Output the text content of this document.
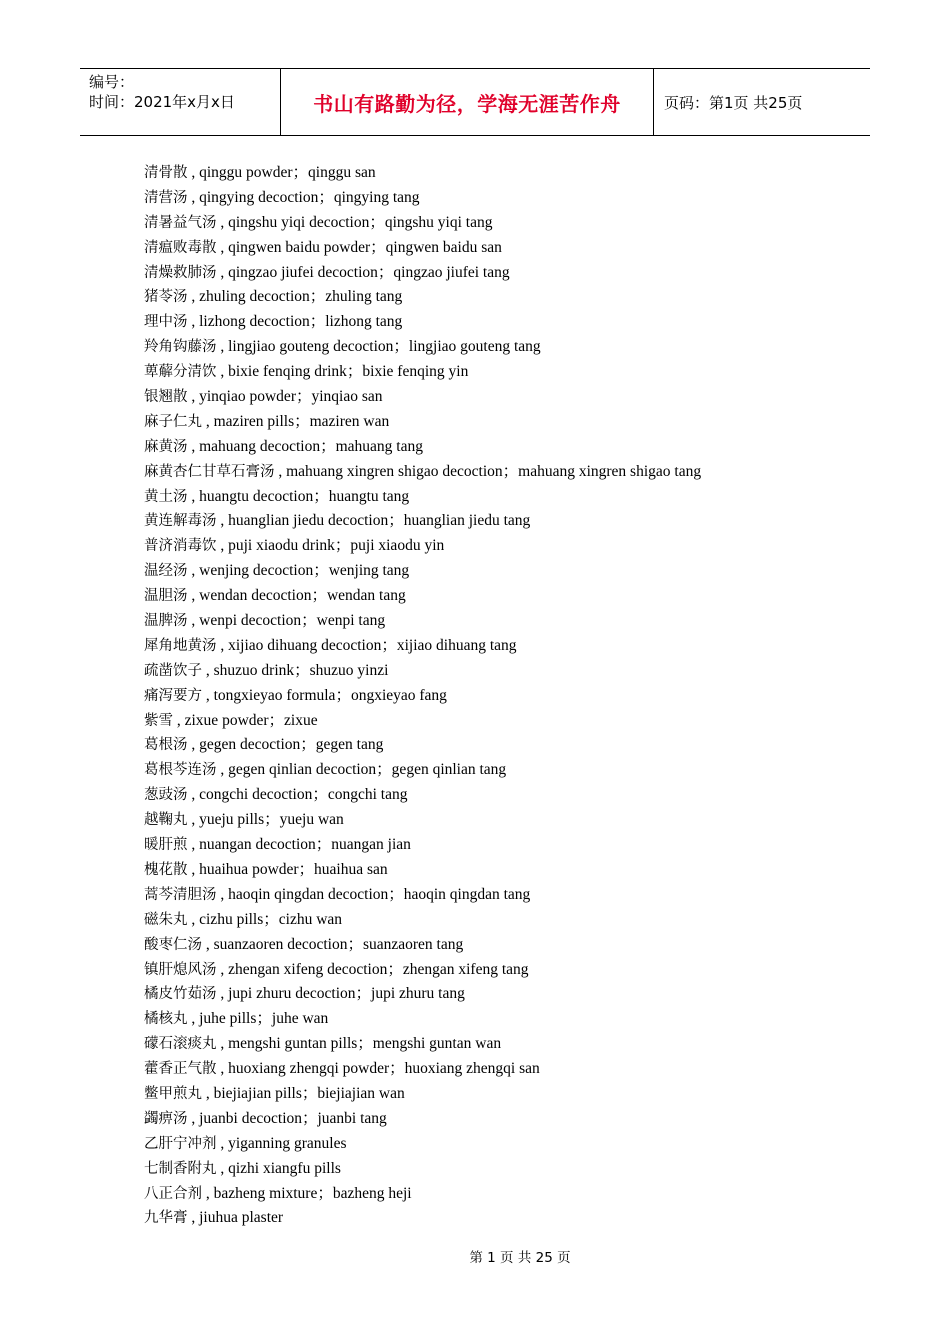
编号：
时间：2021年x月x日	书山有路勤为径，学海无涯苦作舟	页码：第1页 共25页
清骨散 , qinggu powder；qinggu san
清营汤 , qingying decoction；qingying tang
清暑益气汤 , qingshu yiqi decoction；qingshu yiqi tang
清瘟败毒散 , qingwen baidu powder；qingwen baidu san
清燥救肺汤 , qingzao jiufei decoction；qingzao jiufei tang
猪苓汤 , zhuling decoction；zhuling tang
理中汤 , lizhong decoction；lizhong tang
羚角钩藤汤 , lingjiao gouteng decoction；lingjiao gouteng tang
萆薢分清饮 , bixie fenqing drink；bixie fenqing yin
银翘散 , yinqiao powder；yinqiao san
麻子仁丸 , maziren pills；maziren wan
麻黄汤 , mahuang decoction；mahuang tang
麻黄杏仁甘草石膏汤 , mahuang xingren shigao decoction；mahuang xingren shigao tang
黄土汤 , huangtu decoction；huangtu tang
黄连解毒汤 , huanglian jiedu decoction；huanglian jiedu tang
普济消毒饮 , puji xiaodu drink；puji xiaodu yin
温经汤 , wenjing decoction；wenjing tang
温胆汤 , wendan decoction；wendan tang
温脾汤 , wenpi decoction；wenpi tang
犀角地黄汤 , xijiao dihuang decoction；xijiao dihuang tang
疏凿饮子 , shuzuo drink；shuzuo yinzi
痛泻要方 , tongxieyao formula；ongxieyao fang
紫雪 , zixue powder；zixue
葛根汤 , gegen decoction；gegen tang
葛根芩连汤 , gegen qinlian decoction；gegen qinlian tang
葱豉汤 , congchi decoction；congchi tang
越鞠丸 , yueju pills；yueju wan
暖肝煎 , nuangan decoction；nuangan jian
槐花散 , huaihua powder；huaihua san
蒿芩清胆汤 , haoqin qingdan decoction；haoqin qingdan tang
磁朱丸 , cizhu pills；cizhu wan
酸枣仁汤 , suanzaoren decoction；suanzaoren tang
镇肝熄风汤 , zhengan xifeng decoction；zhengan xifeng tang
橘皮竹茹汤 , jupi zhuru decoction；jupi zhuru tang
橘核丸 , juhe pills；juhe wan
礞石滚痰丸 , mengshi guntan pills；mengshi guntan wan
藿香正气散 , huoxiang zhengqi powder；huoxiang zhengqi san
鳖甲煎丸 , biejiajian pills；biejiajian wan
蠲痹汤 , juanbi decoction；juanbi tang
乙肝宁冲剂 , yiganning granules
七制香附丸 , qizhi xiangfu pills
八正合剂 , bazheng mixture；bazheng heji
九华膏 , jiuhua plaster
第 1 页 共 25 页
